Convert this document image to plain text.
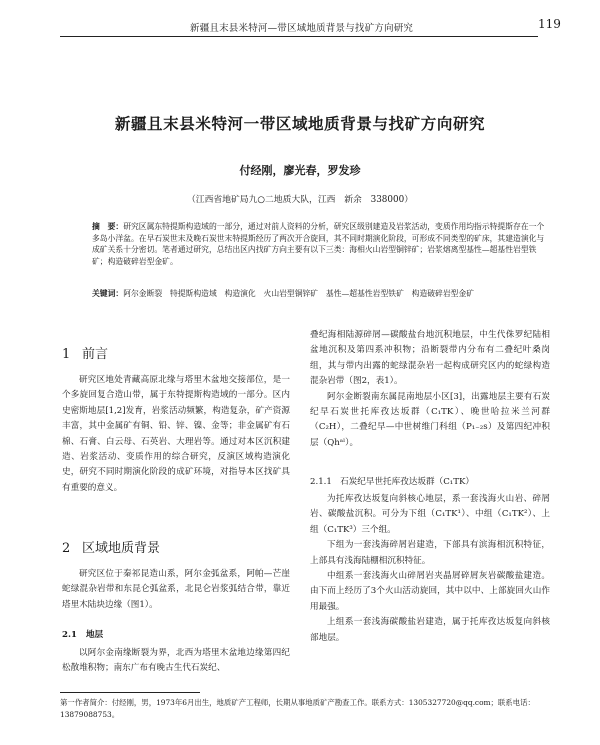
新疆且末县米特河—带区域地质背景与找矿方向研究	119
新疆且末县米特河一带区域地质背景与找矿方向研究
付经刚，廖光春，罗发珍
（江西省地矿局九○二地质大队，江西　新余　338000）
摘　要：研究区属东特提斯构造域的一部分，通过对前人资料的分析，研究区级别建造及岩浆活动，变质作用均指示特提斯存在一个多岛小洋盆。在早石炭世末及晚石炭世末特提斯经历了两次开合旋回，其不同时期演化阶段，可形成不同类型的矿床，其建造演化与成矿关系十分密切。笔者通过研究，总结出区内找矿方向主要有以下三类：海相火山岩型铜锌矿；岩浆熔离型基性—超基性岩型铁矿；构造破碎岩型金矿。
关键词：阿尔金断裂　特提斯构造域　构造演化　火山岩型铜锌矿　基性—超基性岩型铁矿　构造破碎岩型金矿
1 前言

研究区地处青藏高原北缘与塔里木盆地交接部位，是一个多旋回复合造山带，属于东特提斯构造域的一部分。区内史密斯地层[1,2]发育，岩浆活动频繁，构造复杂，矿产资源丰富，其中金属矿有铜、铅、锌、镍、金等；非金属矿有石棉、石膏、白云母、石英岩、大理岩等。通过对本区沉积建造、岩浆活动、变质作用的综合研究，反演区域构造演化史，研究不同时期演化阶段的成矿环境，对指导本区找矿具有重要的意义。

2 区域地质背景

研究区位于秦祁昆造山系，阿尔金弧盆系，阿帕—芒崖蛇绿混杂岩带和东昆仑弧盆系，北昆仑岩浆弧结合带，靠近塔里木陆块边缘（图1）。

2.1 地层

以阿尔金南缘断裂为界，北西为塔里木盆地边缘第四纪松散堆积物；南东广布有晚古生代石炭纪、

叠纪海相陆源碎屑—碳酸盐台地沉积地层，中生代侏罗纪陆相盆地沉积及第四系冲积物；沿断裂带内分布有二叠纪叶桑岗组，其与带内出露的蛇绿混杂岩一起构成研究区内的蛇绿构造混杂岩带（图2，表1）。

阿尔金断裂南东属昆南地层小区[3]，出露地层主要有石炭纪早石炭世托库孜达坂群（C₁TK）、晚世哈拉米兰河群（C₂H），二叠纪早—中世树维门科组（P₁₋₂s）及第四纪冲积层（Qhᵃˡ）。

2.1.1 石炭纪早世托库孜达坂群（C₁TK）

为托库孜达坂复向斜核心地层，系一套浅海火山岩、碎屑岩、碳酸盐沉积。可分为下组（C₁TK¹）、中组（C₁TK²）、上组（C₁TK³）三个组。

下组为一套浅海碎屑岩建造，下部具有滨海相沉积特征，上部具有浅海陆棚相沉积特征。

中组系一套浅海火山碎屑岩夹晶屑碎屑灰岩碳酸盐建造。由下而上经历了3个火山活动旋回，其中以中、上部旋回火山作用最强。

上组系一套浅海碳酸盐岩建造，属于托库孜达坂复向斜核部地层。

第一作者简介：付经刚，男，1973年6月出生，地质矿产工程师，长期从事地质矿产勘查工作。联系方式：1305327720@qq.com；联系电话：13879088753。
